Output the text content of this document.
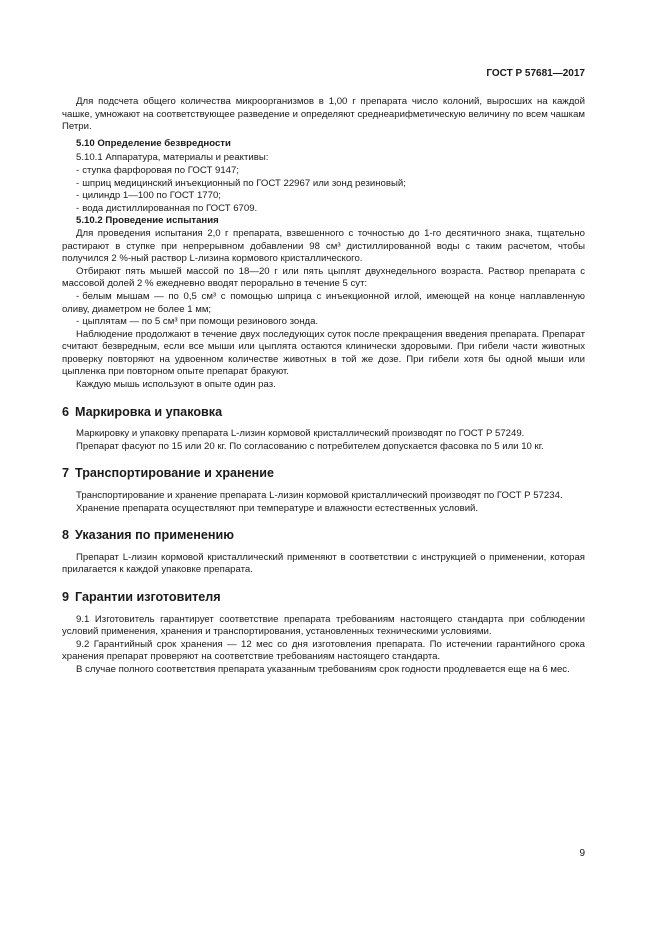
ГОСТ Р 57681—2017

Для подсчета общего количества микроорганизмов в 1,00 г препарата число колоний, выросших на каждой чашке, умножают на соответствующее разведение и определяют среднеарифметическую величину по всем чашкам Петри.

5.10 Определение безвредности

5.10.1 Аппаратура, материалы и реактивы:

- ступка фарфоровая по ГОСТ 9147;

- шприц медицинский инъекционный по ГОСТ 22967 или зонд резиновый;

- цилиндр 1—100 по ГОСТ 1770;

- вода дистиллированная по ГОСТ 6709.

5.10.2 Проведение испытания

Для проведения испытания 2,0 г препарата, взвешенного с точностью до 1-го десятичного знака, тщательно растирают в ступке при непрерывном добавлении 98 см³ дистиллированной воды с таким расчетом, чтобы получился 2 %-ный раствор L-лизина кормового кристаллического.

Отбирают пять мышей массой по 18—20 г или пять цыплят двухнедельного возраста. Раствор препарата с массовой долей 2 % ежедневно вводят перорально в течение 5 сут:

- белым мышам — по 0,5 см³ с помощью шприца с инъекционной иглой, имеющей на конце наплавленную оливу, диаметром не более 1 мм;

- цыплятам — по 5 см³ при помощи резинового зонда.

Наблюдение продолжают в течение двух последующих суток после прекращения введения препарата. Препарат считают безвредным, если все мыши или цыплята остаются клинически здоровыми. При гибели части животных проверку повторяют на удвоенном количестве животных в той же дозе. При гибели хотя бы одной мыши или цыпленка при повторном опыте препарат бракуют.

Каждую мышь используют в опыте один раз.

6 Маркировка и упаковка

Маркировку и упаковку препарата L-лизин кормовой кристаллический производят по ГОСТ Р 57249.

Препарат фасуют по 15 или 20 кг. По согласованию с потребителем допускается фасовка по 5 или 10 кг.

7 Транспортирование и хранение

Транспортирование и хранение препарата L-лизин кормовой кристаллический производят по ГОСТ Р 57234.

Хранение препарата осуществляют при температуре и влажности естественных условий.

8 Указания по применению

Препарат L-лизин кормовой кристаллический применяют в соответствии с инструкцией о применении, которая прилагается к каждой упаковке препарата.

9 Гарантии изготовителя

9.1 Изготовитель гарантирует соответствие препарата требованиям настоящего стандарта при соблюдении условий применения, хранения и транспортирования, установленных техническими условиями.

9.2 Гарантийный срок хранения — 12 мес со дня изготовления препарата. По истечении гарантийного срока хранения препарат проверяют на соответствие требованиям настоящего стандарта.

В случае полного соответствия препарата указанным требованиям срок годности продлевается еще на 6 мес.

9
